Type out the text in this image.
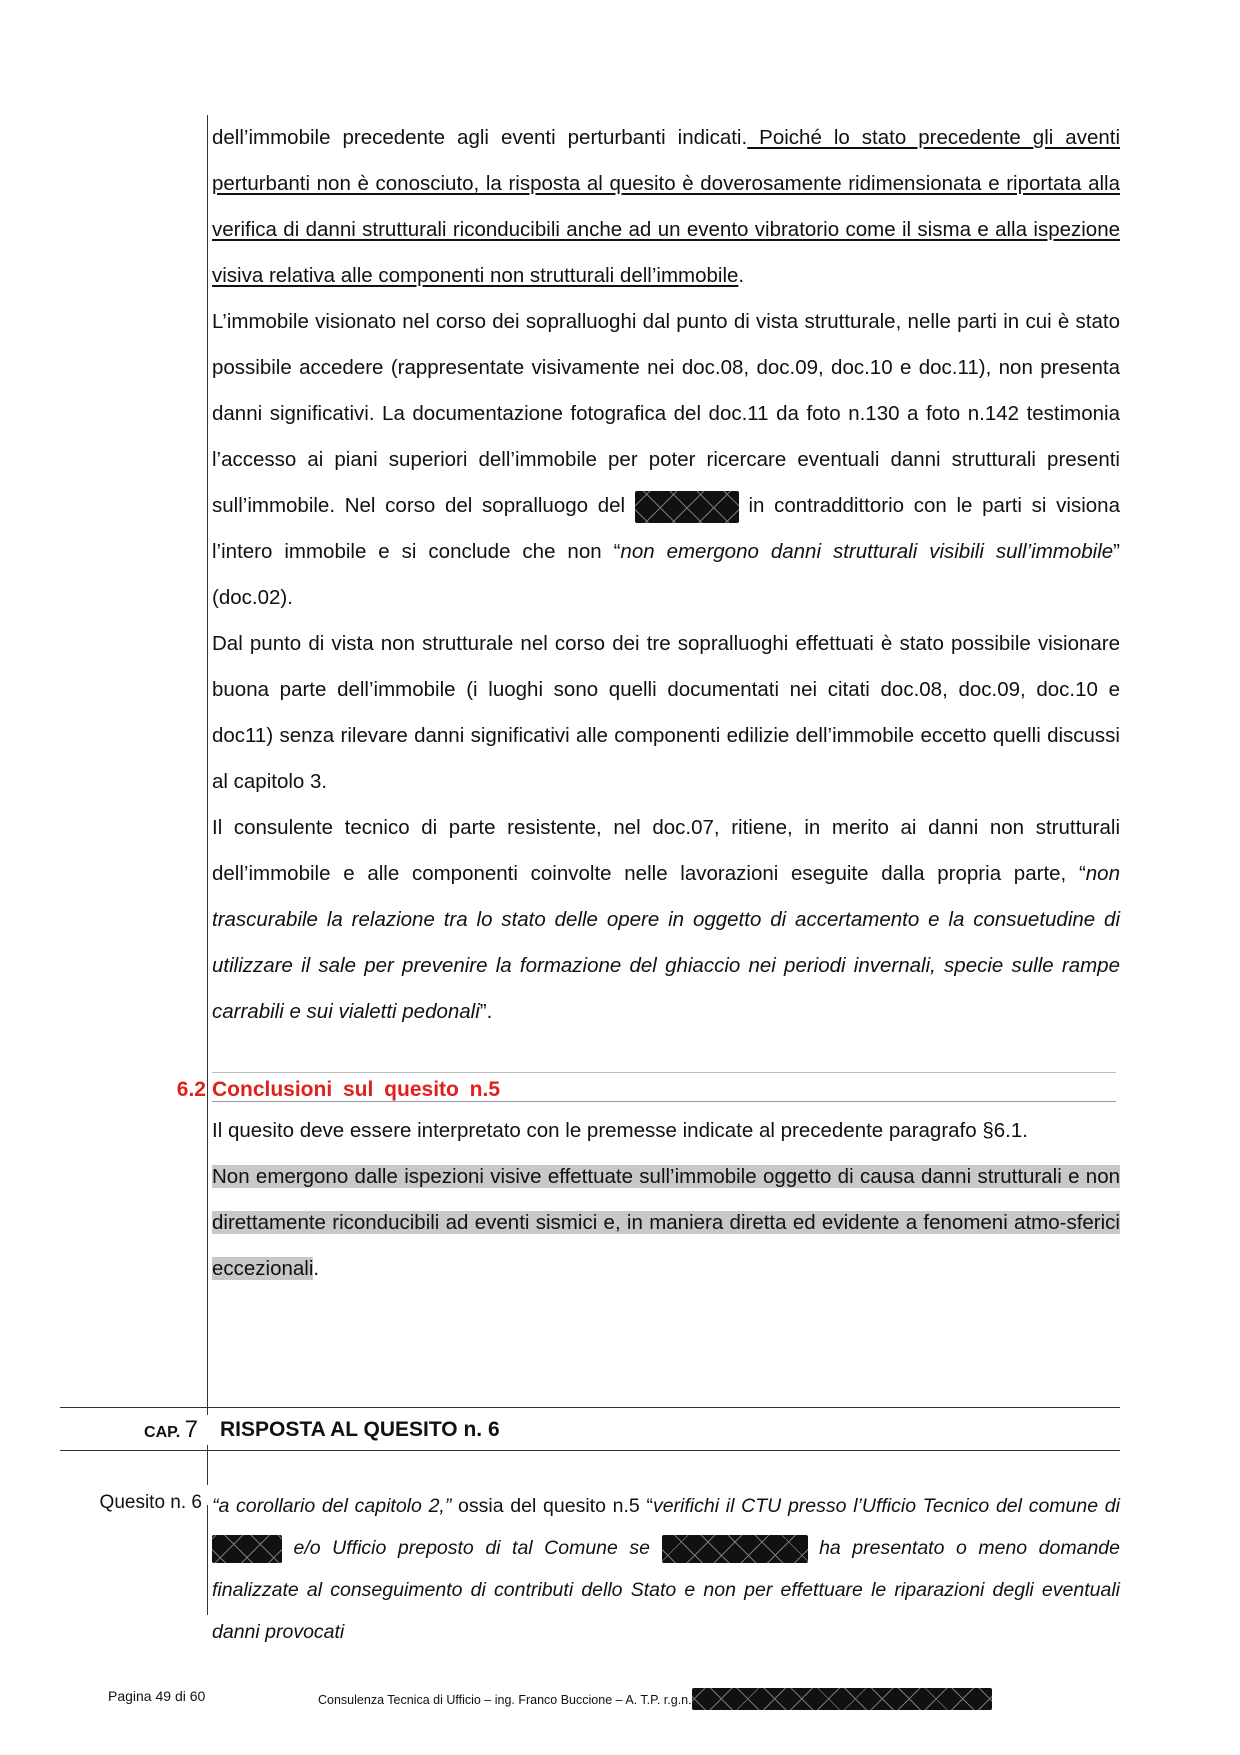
dell’immobile precedente agli eventi perturbanti indicati. Poiché lo stato precedente gli aventi perturbanti non è conosciuto, la risposta al quesito è doverosamente ridimensionata e riportata alla verifica di danni strutturali riconducibili anche ad un evento vibratorio come il sisma e alla ispezione visiva relativa alle componenti non strutturali dell’immobile.

L’immobile visionato nel corso dei sopralluoghi dal punto di vista strutturale, nelle parti in cui è stato possibile accedere (rappresentate visivamente nei doc.08, doc.09, doc.10 e doc.11), non presenta danni significativi. La documentazione fotografica del doc.11 da foto n.130 a foto n.142 testimonia l’accesso ai piani superiori dell’immobile per poter ricercare eventuali danni strutturali presenti sull’immobile. Nel corso del sopralluogo del	in contraddittorio con le parti si visiona l’intero immobile e si conclude che non “non emergono danni strutturali visibili sull’immobile” (doc.02).

Dal punto di vista non strutturale nel corso dei tre sopralluoghi effettuati è stato possibile visionare buona parte dell’immobile (i luoghi sono quelli documentati nei citati doc.08, doc.09, doc.10 e doc11) senza rilevare danni significativi alle componenti edilizie dell’immobile eccetto quelli discussi al capitolo 3.

Il consulente tecnico di parte resistente, nel doc.07, ritiene, in merito ai danni non strutturali dell’immobile e alle componenti coinvolte nelle lavorazioni eseguite dalla propria parte, “non trascurabile la relazione tra lo stato delle opere in oggetto di accertamento e la consuetudine di utilizzare il sale per prevenire la formazione del ghiaccio nei periodi invernali, specie sulle rampe carrabili e sui vialetti pedonali”.

6.2 Conclusioni sul quesito n.5

Il quesito deve essere interpretato con le premesse indicate al precedente paragrafo §6.1.

Non emergono dalle ispezioni visive effettuate sull’immobile oggetto di causa danni strutturali e non direttamente riconducibili ad eventi sismici e, in maniera diretta ed evidente a fenomeni atmo-sferici eccezionali.

CAP. 7 RISPOSTA AL QUESITO n. 6
Quesito n. 6 “a corollario del capitolo 2,” ossia del quesito n.5 “verifichi il CTU presso l’Ufficio Tecnico del comune di  e/o Ufficio preposto di tal Comune se	ha presentato o meno domande finalizzate al conseguimento di contributi dello Stato e non per effettuare le riparazioni degli eventuali danni provocati
Pagina 49 di 60	Consulenza Tecnica di Ufficio – ing. Franco Buccione – A. T.P. r.g.n.
